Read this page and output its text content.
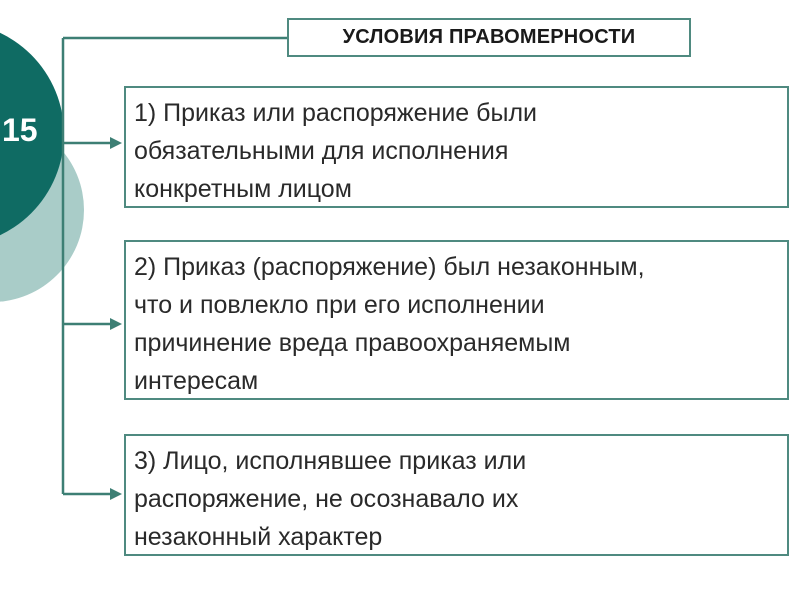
15
УСЛОВИЯ ПРАВОМЕРНОСТИ
1) Приказ или распоряжение были
обязательными для исполнения
конкретным лицом
2) Приказ (распоряжение) был незаконным,
что и повлекло при его исполнении
причинение вреда правоохраняемым
интересам
3) Лицо, исполнявшее приказ или
распоряжение, не осознавало их
незаконный характер
